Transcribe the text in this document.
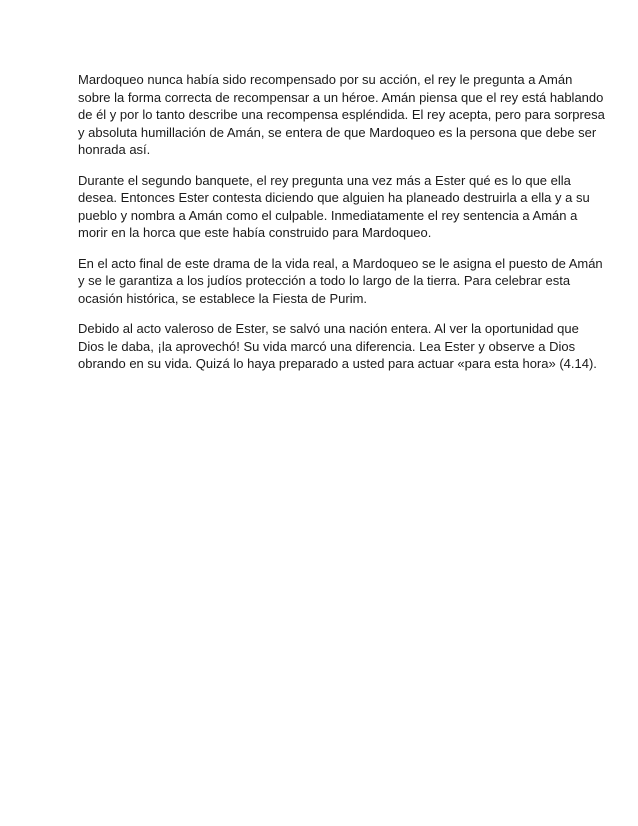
Mardoqueo nunca había sido recompensado por su acción, el rey le pregunta a Amán
sobre la forma correcta de recompensar a un héroe. Amán piensa que el rey está hablando
de él y por lo tanto describe una recompensa espléndida. El rey acepta, pero para sorpresa
y absoluta humillación de Amán, se entera de que Mardoqueo es la persona que debe ser
honrada así.

Durante el segundo banquete, el rey pregunta una vez más a Ester qué es lo que ella
desea. Entonces Ester contesta diciendo que alguien ha planeado destruirla a ella y a su
pueblo y nombra a Amán como el culpable. Inmediatamente el rey sentencia a Amán a
morir en la horca que este había construido para Mardoqueo.

En el acto final de este drama de la vida real, a Mardoqueo se le asigna el puesto de Amán
y se le garantiza a los judíos protección a todo lo largo de la tierra. Para celebrar esta
ocasión histórica, se establece la Fiesta de Purim.

Debido al acto valeroso de Ester, se salvó una nación entera. Al ver la oportunidad que
Dios le daba, ¡la aprovechó! Su vida marcó una diferencia. Lea Ester y observe a Dios
obrando en su vida. Quizá lo haya preparado a usted para actuar «para esta hora» (4.14).
